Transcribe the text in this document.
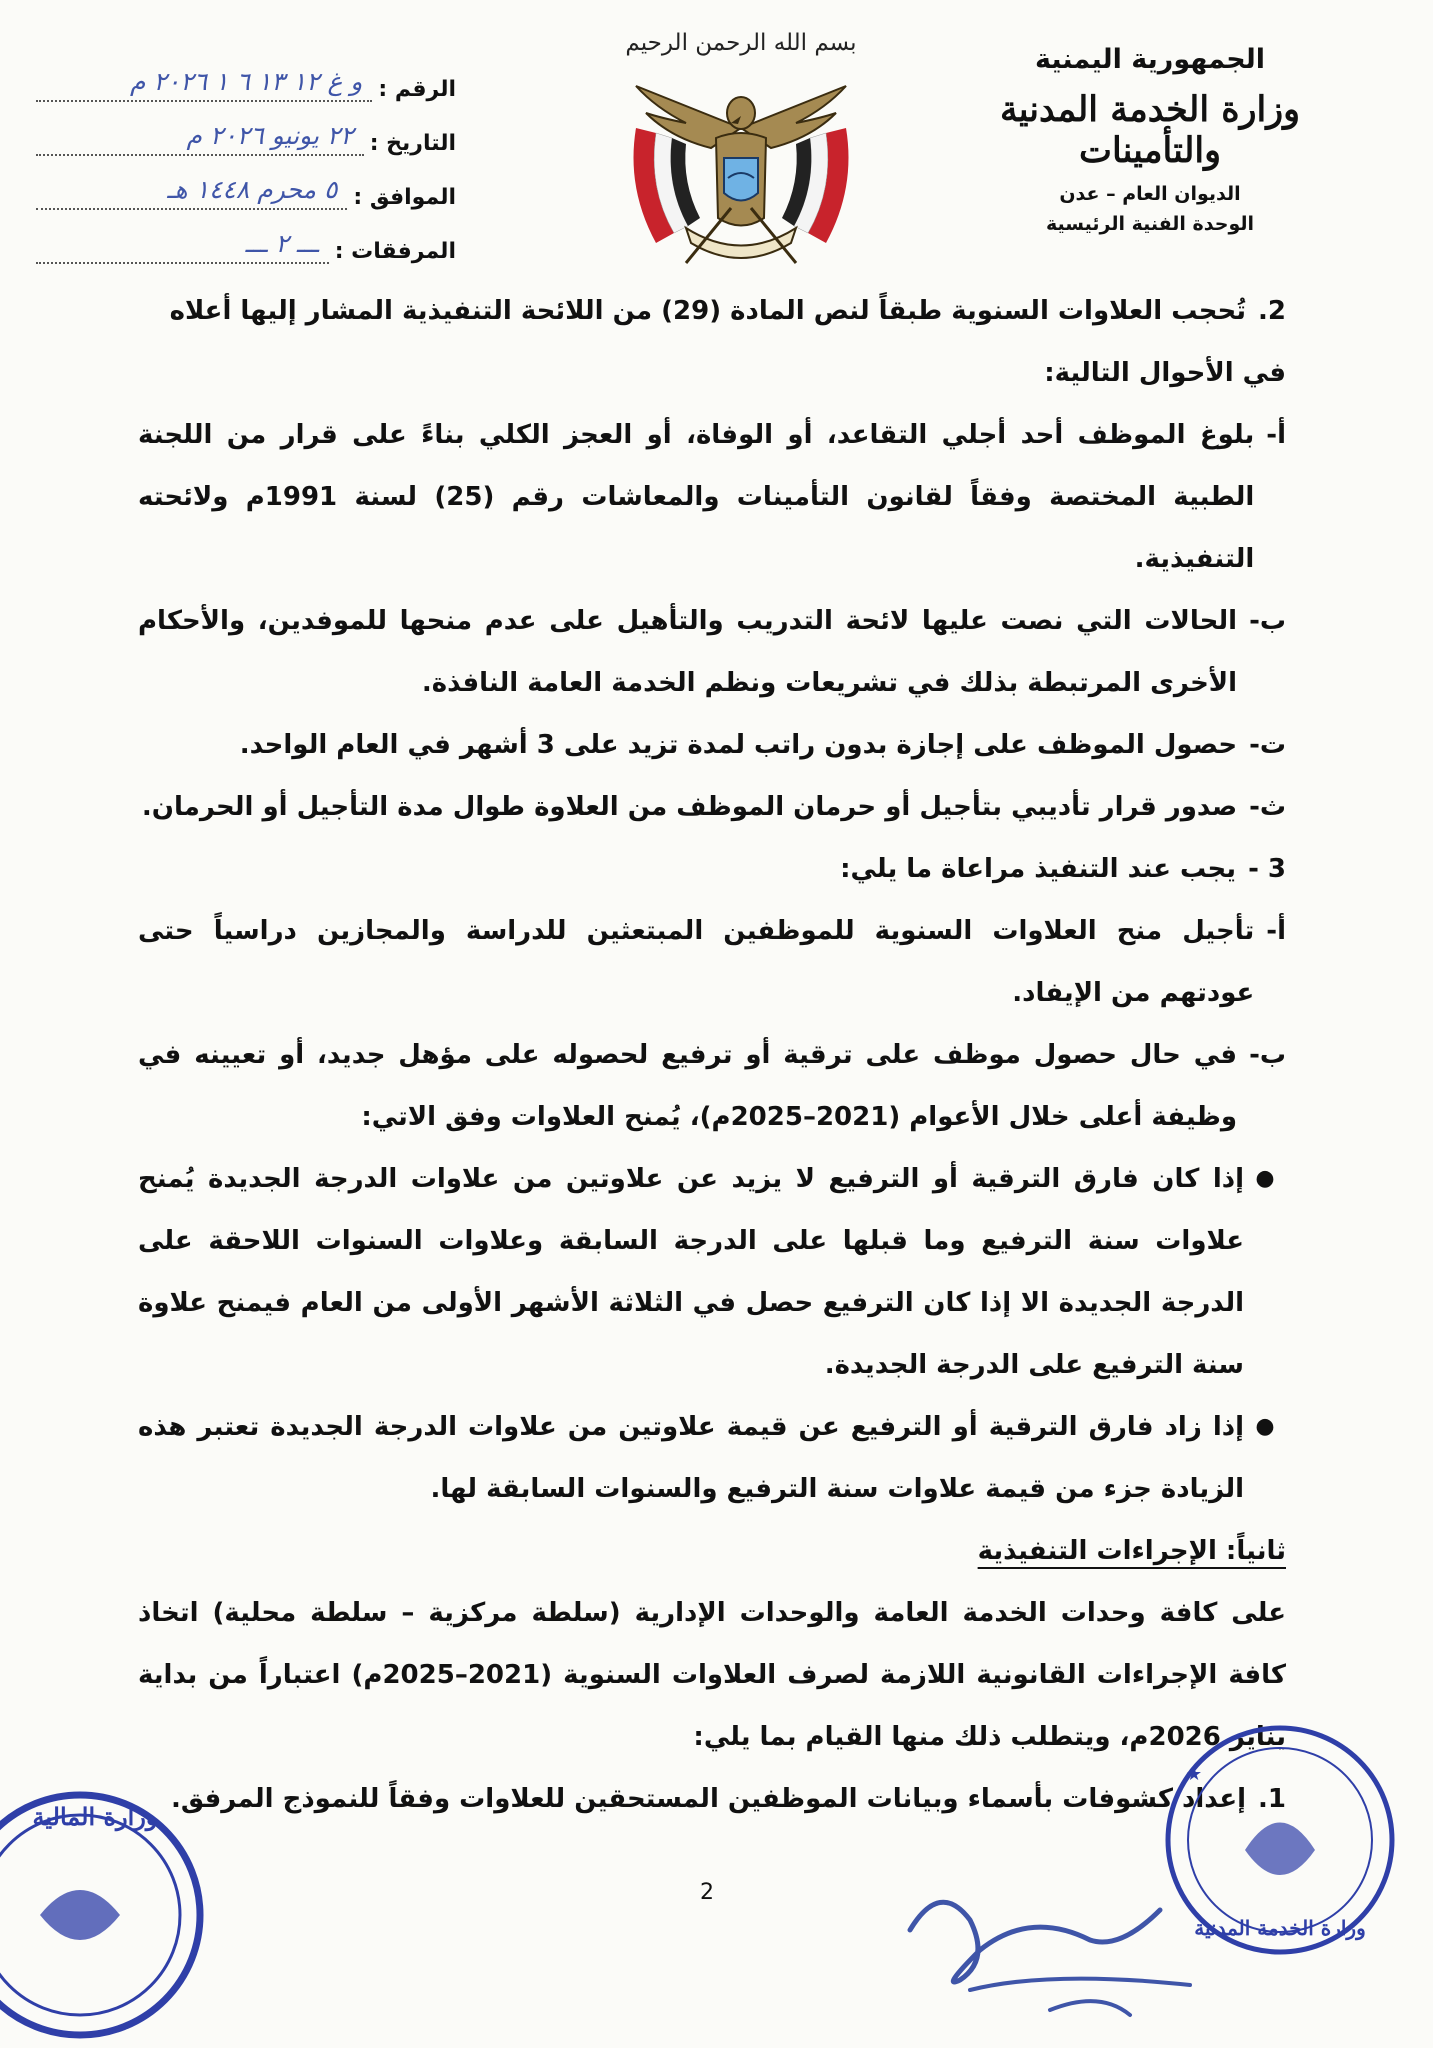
الجمهورية اليمنية
وزارة الخدمة المدنية والتأمينات
الديوان العام – عدن
الوحدة الفنية الرئيسية
بسم الله الرحمن الرحيم
الرقم :
و غ ١٢ ١٣ ٦ ١ ٢٠٢٦ م
التاريخ :
٢٢ يونيو ٢٠٢٦ م
الموافق :
٥ محرم ١٤٤٨ هـ
المرفقات :
ـــ ٢ ـــ
2.
تُحجب العلاوات السنوية طبقاً لنص المادة (29) من اللائحة التنفيذية المشار إليها أعلاه

في الأحوال التالية:

أ-
بلوغ الموظف أحد أجلي التقاعد، أو الوفاة، أو العجز الكلي بناءً على قرار من اللجنة الطبية المختصة وفقاً لقانون التأمينات والمعاشات رقم (25) لسنة 1991م ولائحته التنفيذية.
ب-
الحالات التي نصت عليها لائحة التدريب والتأهيل على عدم منحها للموفدين، والأحكام الأخرى المرتبطة بذلك في تشريعات ونظم الخدمة العامة النافذة.
ت-
حصول الموظف على إجازة بدون راتب لمدة تزيد على 3 أشهر في العام الواحد.
ث-
صدور قرار تأديبي بتأجيل أو حرمان الموظف من العلاوة طوال مدة التأجيل أو الحرمان.
3 -
يجب عند التنفيذ مراعاة ما يلي:
أ-
تأجيل منح العلاوات السنوية للموظفين المبتعثين للدراسة والمجازين دراسياً حتى عودتهم من الإيفاد.
ب-
في حال حصول موظف على ترقية أو ترفيع لحصوله على مؤهل جديد، أو تعيينه في وظيفة أعلى خلال الأعوام (2021–2025م)، يُمنح العلاوات وفق الاتي:
●
إذا كان فارق الترقية أو الترفيع لا يزيد عن علاوتين من علاوات الدرجة الجديدة يُمنح علاوات سنة الترفيع وما قبلها على الدرجة السابقة وعلاوات السنوات اللاحقة على الدرجة الجديدة الا إذا كان الترفيع حصل في الثلاثة الأشهر الأولى من العام فيمنح علاوة سنة الترفيع على الدرجة الجديدة.
●
إذا زاد فارق الترقية أو الترفيع عن قيمة علاوتين من علاوات الدرجة الجديدة تعتبر هذه الزيادة جزء من قيمة علاوات سنة الترفيع والسنوات السابقة لها.

ثانياً: الإجراءات التنفيذية

على كافة وحدات الخدمة العامة والوحدات الإدارية (سلطة مركزية – سلطة محلية) اتخاذ كافة الإجراءات القانونية اللازمة لصرف العلاوات السنوية (2021–2025م) اعتباراً من بداية يناير 2026م، ويتطلب ذلك منها القيام بما يلي:

1.
إعداد كشوفات بأسماء وبيانات الموظفين المستحقين للعلاوات وفقاً للنموذج المرفق.
2
وزارة المالية
وزارة الخدمة المدنية
★
